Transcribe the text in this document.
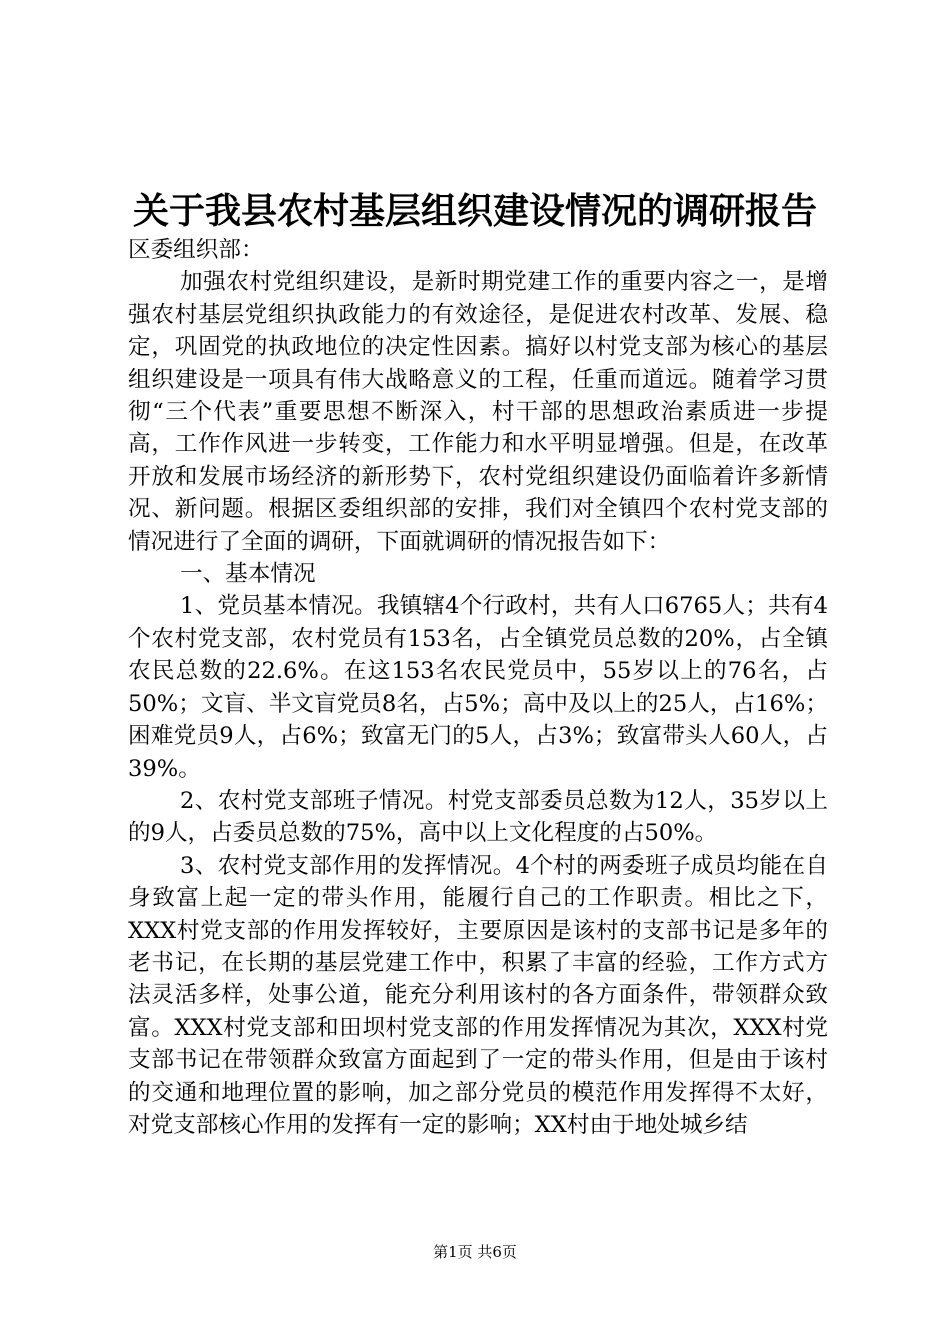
关于我县农村基层组织建设情况的调研报告

区委组织部：

加强农村党组织建设，是新时期党建工作的重要内容之一，是增强农村基层党组织执政能力的有效途径，是促进农村改革、发展、稳定，巩固党的执政地位的决定性因素。搞好以村党支部为核心的基层组织建设是一项具有伟大战略意义的工程，任重而道远。随着学习贯彻“三个代表”重要思想不断深入，村干部的思想政治素质进一步提高，工作作风进一步转变，工作能力和水平明显增强。但是，在改革开放和发展市场经济的新形势下，农村党组织建设仍面临着许多新情况、新问题。根据区委组织部的安排，我们对全镇四个农村党支部的情况进行了全面的调研，下面就调研的情况报告如下：

一、基本情况

1、党员基本情况。我镇辖4个行政村，共有人口6765人；共有4个农村党支部，农村党员有153名，占全镇党员总数的20%，占全镇农民总数的22.6%。在这153名农民党员中，55岁以上的76名，占50%；文盲、半文盲党员8名，占5%；高中及以上的25人，占16%；困难党员9人，占6%；致富无门的5人，占3%；致富带头人60人，占39%。

2、农村党支部班子情况。村党支部委员总数为12人，35岁以上的9人，占委员总数的75%，高中以上文化程度的占50%。

3、农村党支部作用的发挥情况。4个村的两委班子成员均能在自身致富上起一定的带头作用，能履行自己的工作职责。相比之下，XXX村党支部的作用发挥较好，主要原因是该村的支部书记是多年的老书记，在长期的基层党建工作中，积累了丰富的经验，工作方式方法灵活多样，处事公道，能充分利用该村的各方面条件，带领群众致富。XXX村党支部和田坝村党支部的作用发挥情况为其次，XXX村党支部书记在带领群众致富方面起到了一定的带头作用，但是由于该村的交通和地理位置的影响，加之部分党员的模范作用发挥得不太好，对党支部核心作用的发挥有一定的影响；XX村由于地处城乡结

第1页 共6页
